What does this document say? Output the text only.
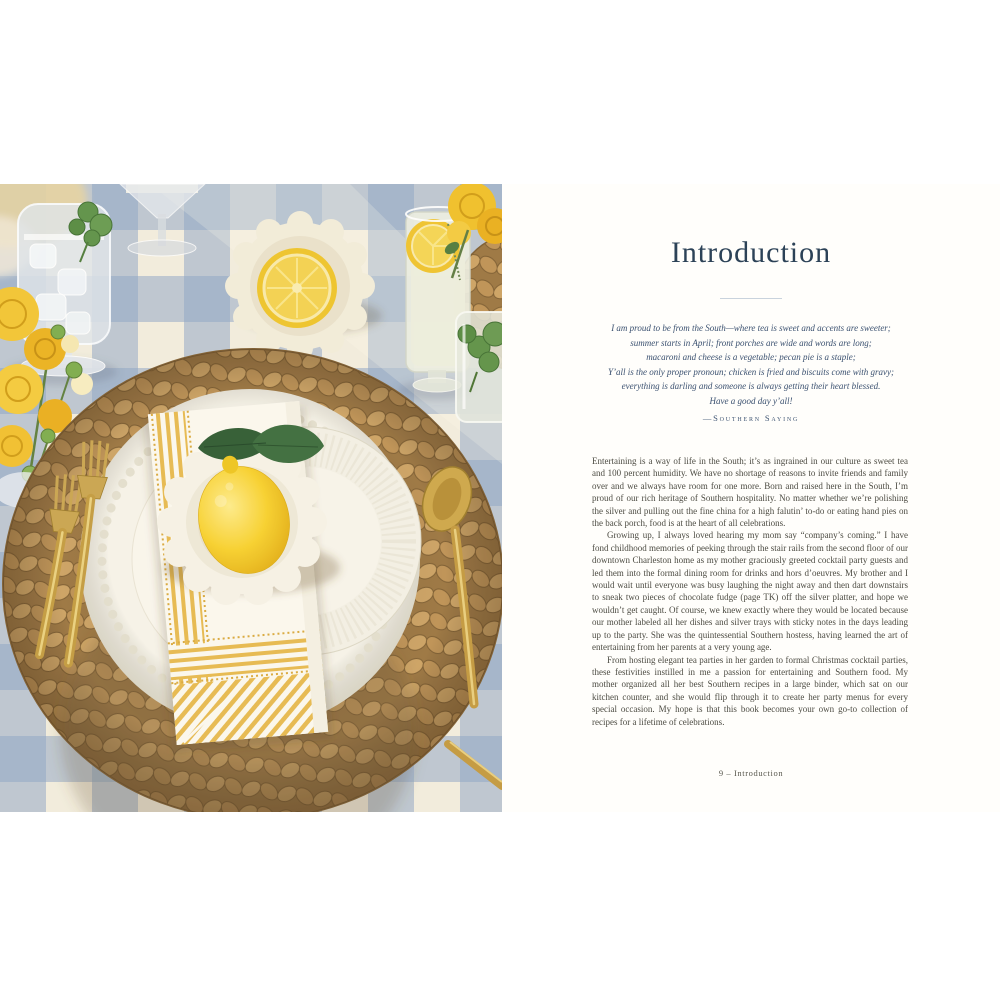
Introduction
I am proud to be from the South—where tea is sweet and accents are sweeter;
summer starts in April; front porches are wide and words are long;
macaroni and cheese is a vegetable; pecan pie is a staple;
Y’all is the only proper pronoun; chicken is fried and biscuits come with gravy;
everything is darling and someone is always getting their heart blessed.
Have a good day y’all!
—Southern Saying

Entertaining is a way of life in the South; it’s as ingrained in our culture as sweet tea and 100 percent humidity. We have no shortage of reasons to invite friends and family over and we always have room for one more. Born and raised here in the South, I’m proud of our rich heritage of Southern hospitality. No matter whether we’re polishing the silver and pulling out the fine china for a high falutin’ to-do or eating hand pies on the back porch, food is at the heart of all celebrations.

Growing up, I always loved hearing my mom say “company’s coming.” I have fond childhood memories of peeking through the stair rails from the second floor of our downtown Charleston home as my mother graciously greeted cocktail party guests and led them into the formal dining room for drinks and hors d’oeuvres. My brother and I would wait until everyone was busy laughing the night away and then dart downstairs to sneak two pieces of chocolate fudge (page TK) off the silver platter, and hope we wouldn’t get caught. Of course, we knew exactly where they would be located because our mother labeled all her dishes and silver trays with sticky notes in the days leading up to the party. She was the quintessential Southern hostess, having learned the art of entertaining from her parents at a very young age.

From hosting elegant tea parties in her garden to formal Christmas cocktail parties, these festivities instilled in me a passion for entertaining and Southern food. My mother organized all her best Southern recipes in a large binder, which sat on our kitchen counter, and she would flip through it to create her party menus for every special occasion. My hope is that this book becomes your own go-to collection of recipes for a lifetime of celebrations.

9 – Introduction
